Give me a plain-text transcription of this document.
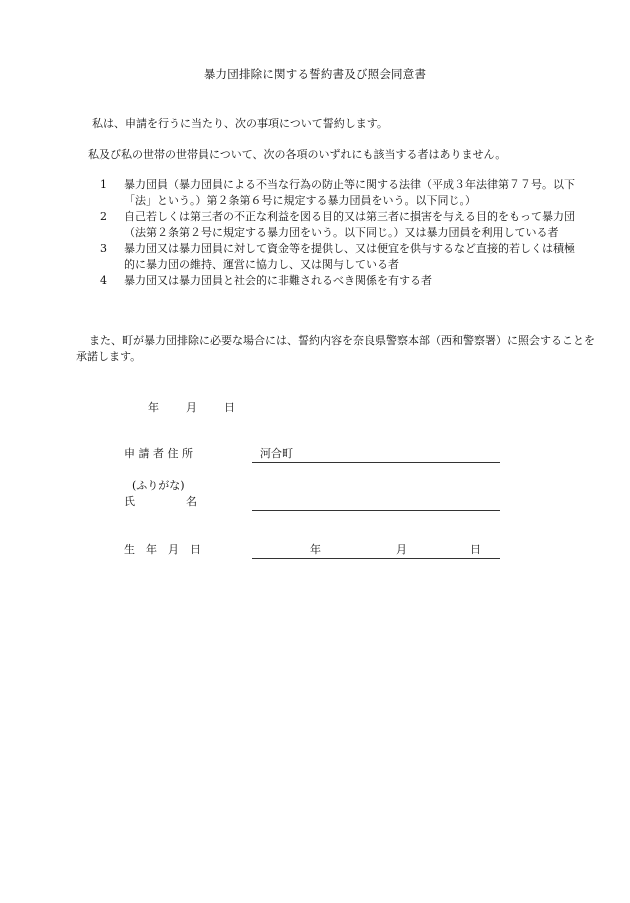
暴力団排除に関する誓約書及び照会同意書

私は、申請を行うに当たり、次の事項について誓約します。

私及び私の世帯の世帯員について、次の各項のいずれにも該当する者はありません。

1	暴力団員（暴力団員による不当な行為の防止等に関する法律（平成３年法律第７７号。以下「法」という。）第２条第６号に規定する暴力団員をいう。以下同じ。）
2	自己若しくは第三者の不正な利益を図る目的又は第三者に損害を与える目的をもって暴力団（法第２条第２号に規定する暴力団をいう。以下同じ。）又は暴力団員を利用している者
3	暴力団又は暴力団員に対して資金等を提供し、又は便宜を供与するなど直接的若しくは積極的に暴力団の維持、運営に協力し、又は関与している者
4	暴力団又は暴力団員と社会的に非難されるべき関係を有する者

また、町が暴力団排除に必要な場合には、誓約内容を奈良県警察本部（西和警察署）に照会することを承諾します。

年 月 日
申 請 者 住 所	河合町
(ふりがな)
氏	名
生　年　月　日	年	月	日
